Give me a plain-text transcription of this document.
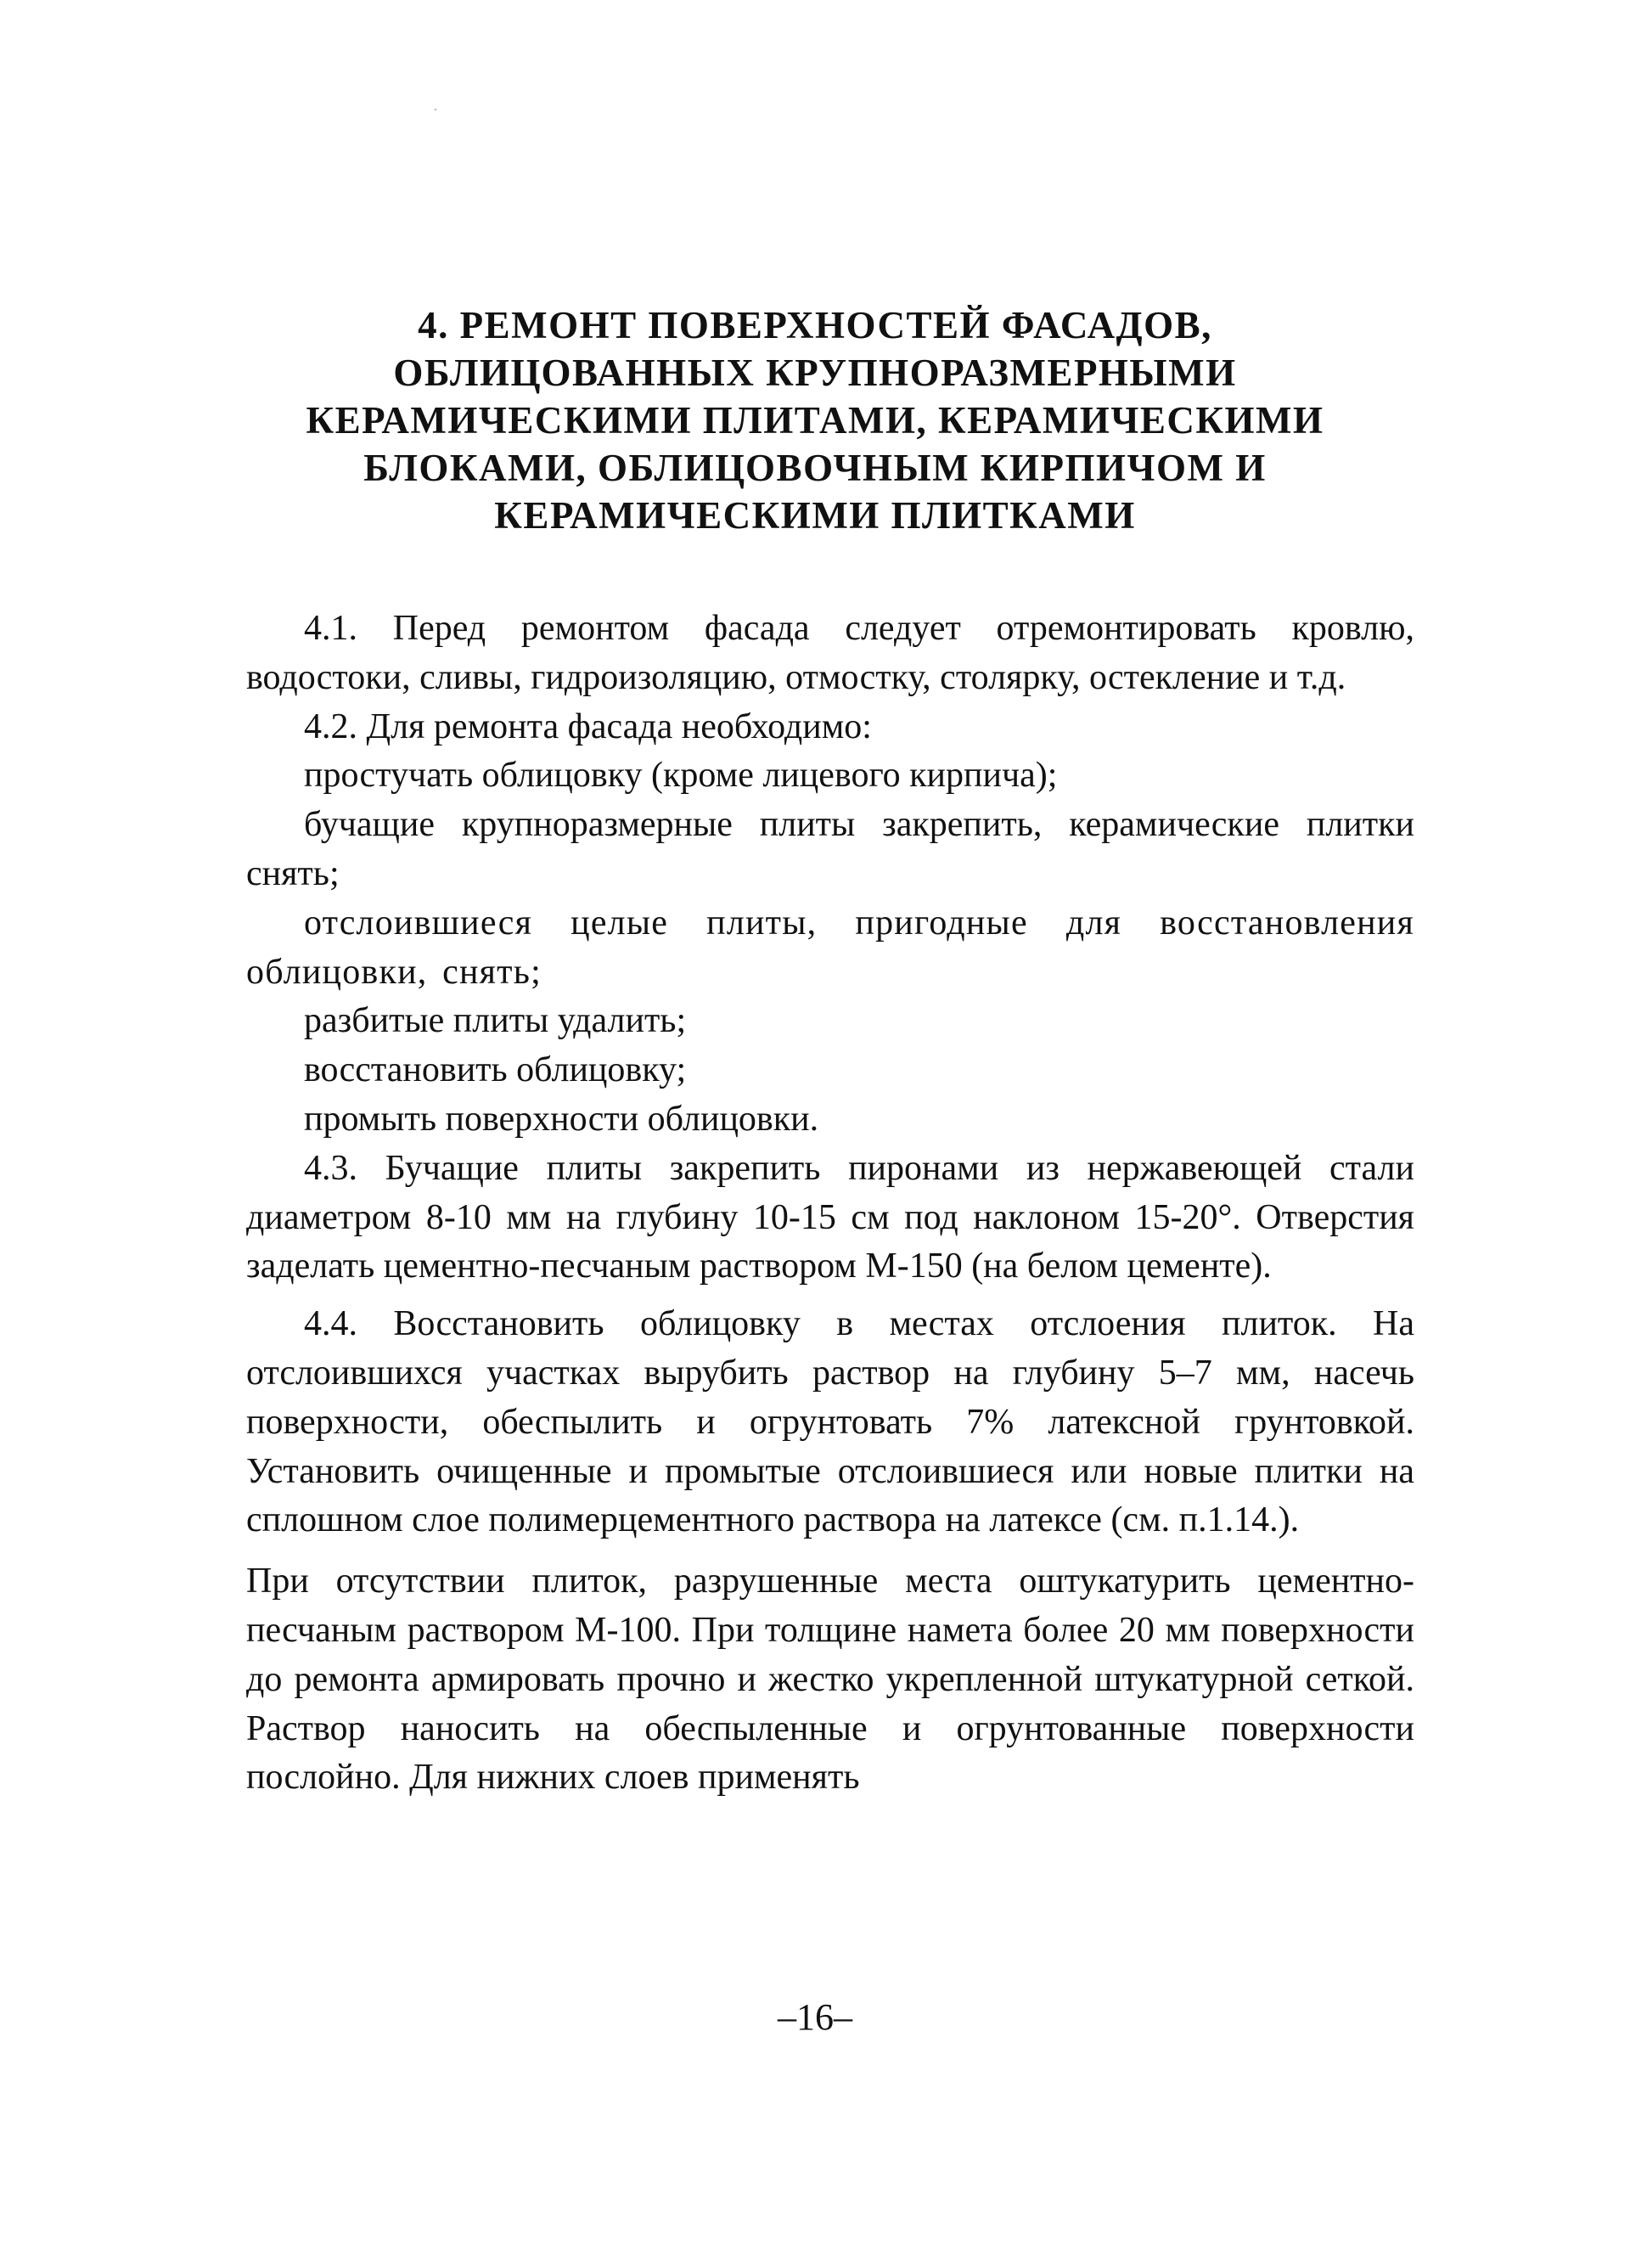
4. РЕМОНТ ПОВЕРХНОСТЕЙ ФАСАДОВ,
ОБЛИЦОВАННЫХ КРУПНОРАЗМЕРНЫМИ
КЕРАМИЧЕСКИМИ ПЛИТАМИ, КЕРАМИЧЕСКИМИ
БЛОКАМИ, ОБЛИЦОВОЧНЫМ КИРПИЧОМ И
КЕРАМИЧЕСКИМИ ПЛИТКАМИ

4.1. Перед ремонтом фасада следует отремонтировать кровлю, водостоки, сливы, гидроизоляцию, отмостку, столярку, остекление и т.д.

4.2. Для ремонта фасада необходимо:

простучать облицовку (кроме лицевого кирпича);

бучащие крупноразмерные плиты закрепить, керамические плитки снять;

отслоившиеся целые плиты, пригодные для восстановления облицовки, снять;

разбитые плиты удалить;

восстановить облицовку;

промыть поверхности облицовки.

4.3. Бучащие плиты закрепить пиронами из нержавеющей стали диаметром 8-10 мм на глубину 10-15 см под наклоном 15-20°. Отверстия заделать цементно-песчаным раствором М-150 (на белом цементе).

4.4. Восстановить облицовку в местах отслоения плиток. На отслоившихся участках вырубить раствор на глубину 5–7 мм, насечь поверхности, обеспылить и огрунтовать 7% латексной грунтовкой. Установить очищенные и промытые отслоившиеся или новые плитки на сплошном слое полимерцементного раствора на латексе (см. п.1.14.).

При отсутствии плиток, разрушенные места оштукатурить цементно-песчаным раствором М-100. При толщине намета более 20 мм поверхности до ремонта армировать прочно и жестко укрепленной штукатурной сеткой. Раствор наносить на обеспыленные и огрунтованные поверхности послойно. Для нижних слоев применять

–16–
